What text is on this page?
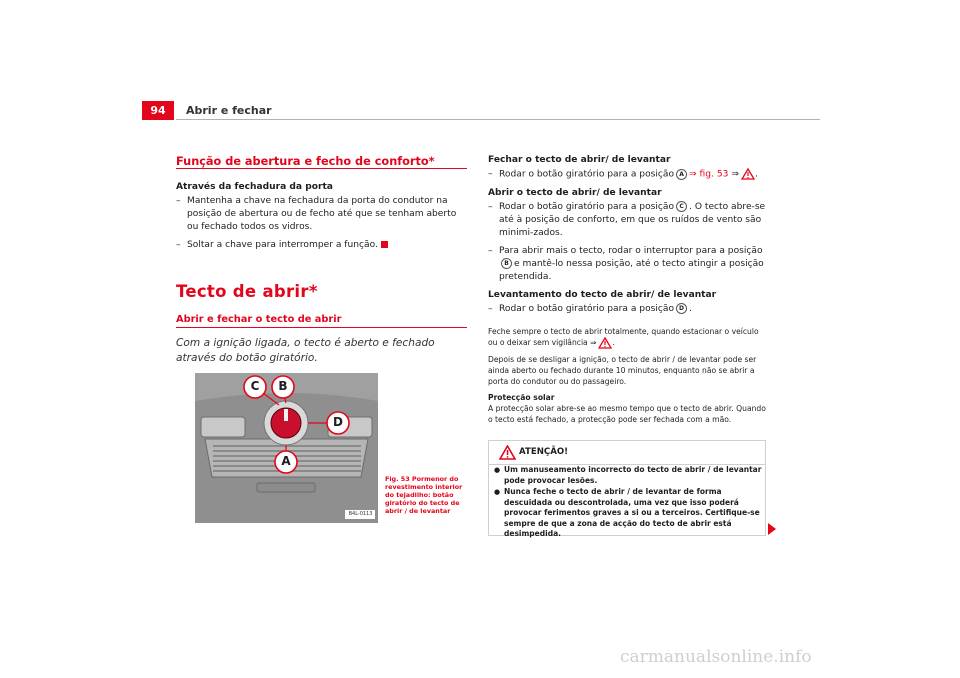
94	Abrir e fechar
Função de abertura e fecho de conforto*
Através da fechadura da porta
– Mantenha a chave na fechadura da porta do condutor na posição de abertura ou de fecho até que se tenham aberto ou fechado todos os vidros.
– Soltar a chave para interromper a função.
Tecto de abrir*
Abrir e fechar o tecto de abrir
Com a ignição ligada, o tecto é aberto e fechado através do botão giratório.
C B
D
A
B4L-0113
Fig. 53 Pormenor do revestimento interior do tejadilho: botão giratório do tecto de abrir / de levantar
Fechar o tecto de abrir/ de levantar
– Rodar o botão giratório para a posição A ⇒ fig. 53 ⇒ .
Abrir o tecto de abrir/ de levantar
– Rodar o botão giratório para a posição C . O tecto abre-se até à posição de conforto, em que os ruídos de vento são minimi-zados.
– Para abrir mais o tecto, rodar o interruptor para a posiçãoB e mantê-lo nessa posição, até o tecto atingir a posição pretendida.
Levantamento do tecto de abrir/ de levantar
– Rodar o botão giratório para a posição D .
Feche sempre o tecto de abrir totalmente, quando estacionar o veículo ou o deixar sem vigilância ⇒ .
Depois de se desligar a ignição, o tecto de abrir / de levantar pode ser ainda aberto ou fechado durante 10 minutos, enquanto não se abrir a porta do condutor ou do passageiro.
Protecção solar
A protecção solar abre-se ao mesmo tempo que o tecto de abrir. Quando o tecto está fechado, a protecção pode ser fechada com a mão.
ATENÇÃO!
● Um manuseamento incorrecto do tecto de abrir / de levantar pode provocar lesões.
● Nunca feche o tecto de abrir / de levantar de forma descuidada ou descontrolada, uma vez que isso poderá provocar ferimentos graves a si ou a terceiros. Certifique-se sempre de que a zona de acção do tecto de abrir está desimpedida.
carmanualsonline.info
